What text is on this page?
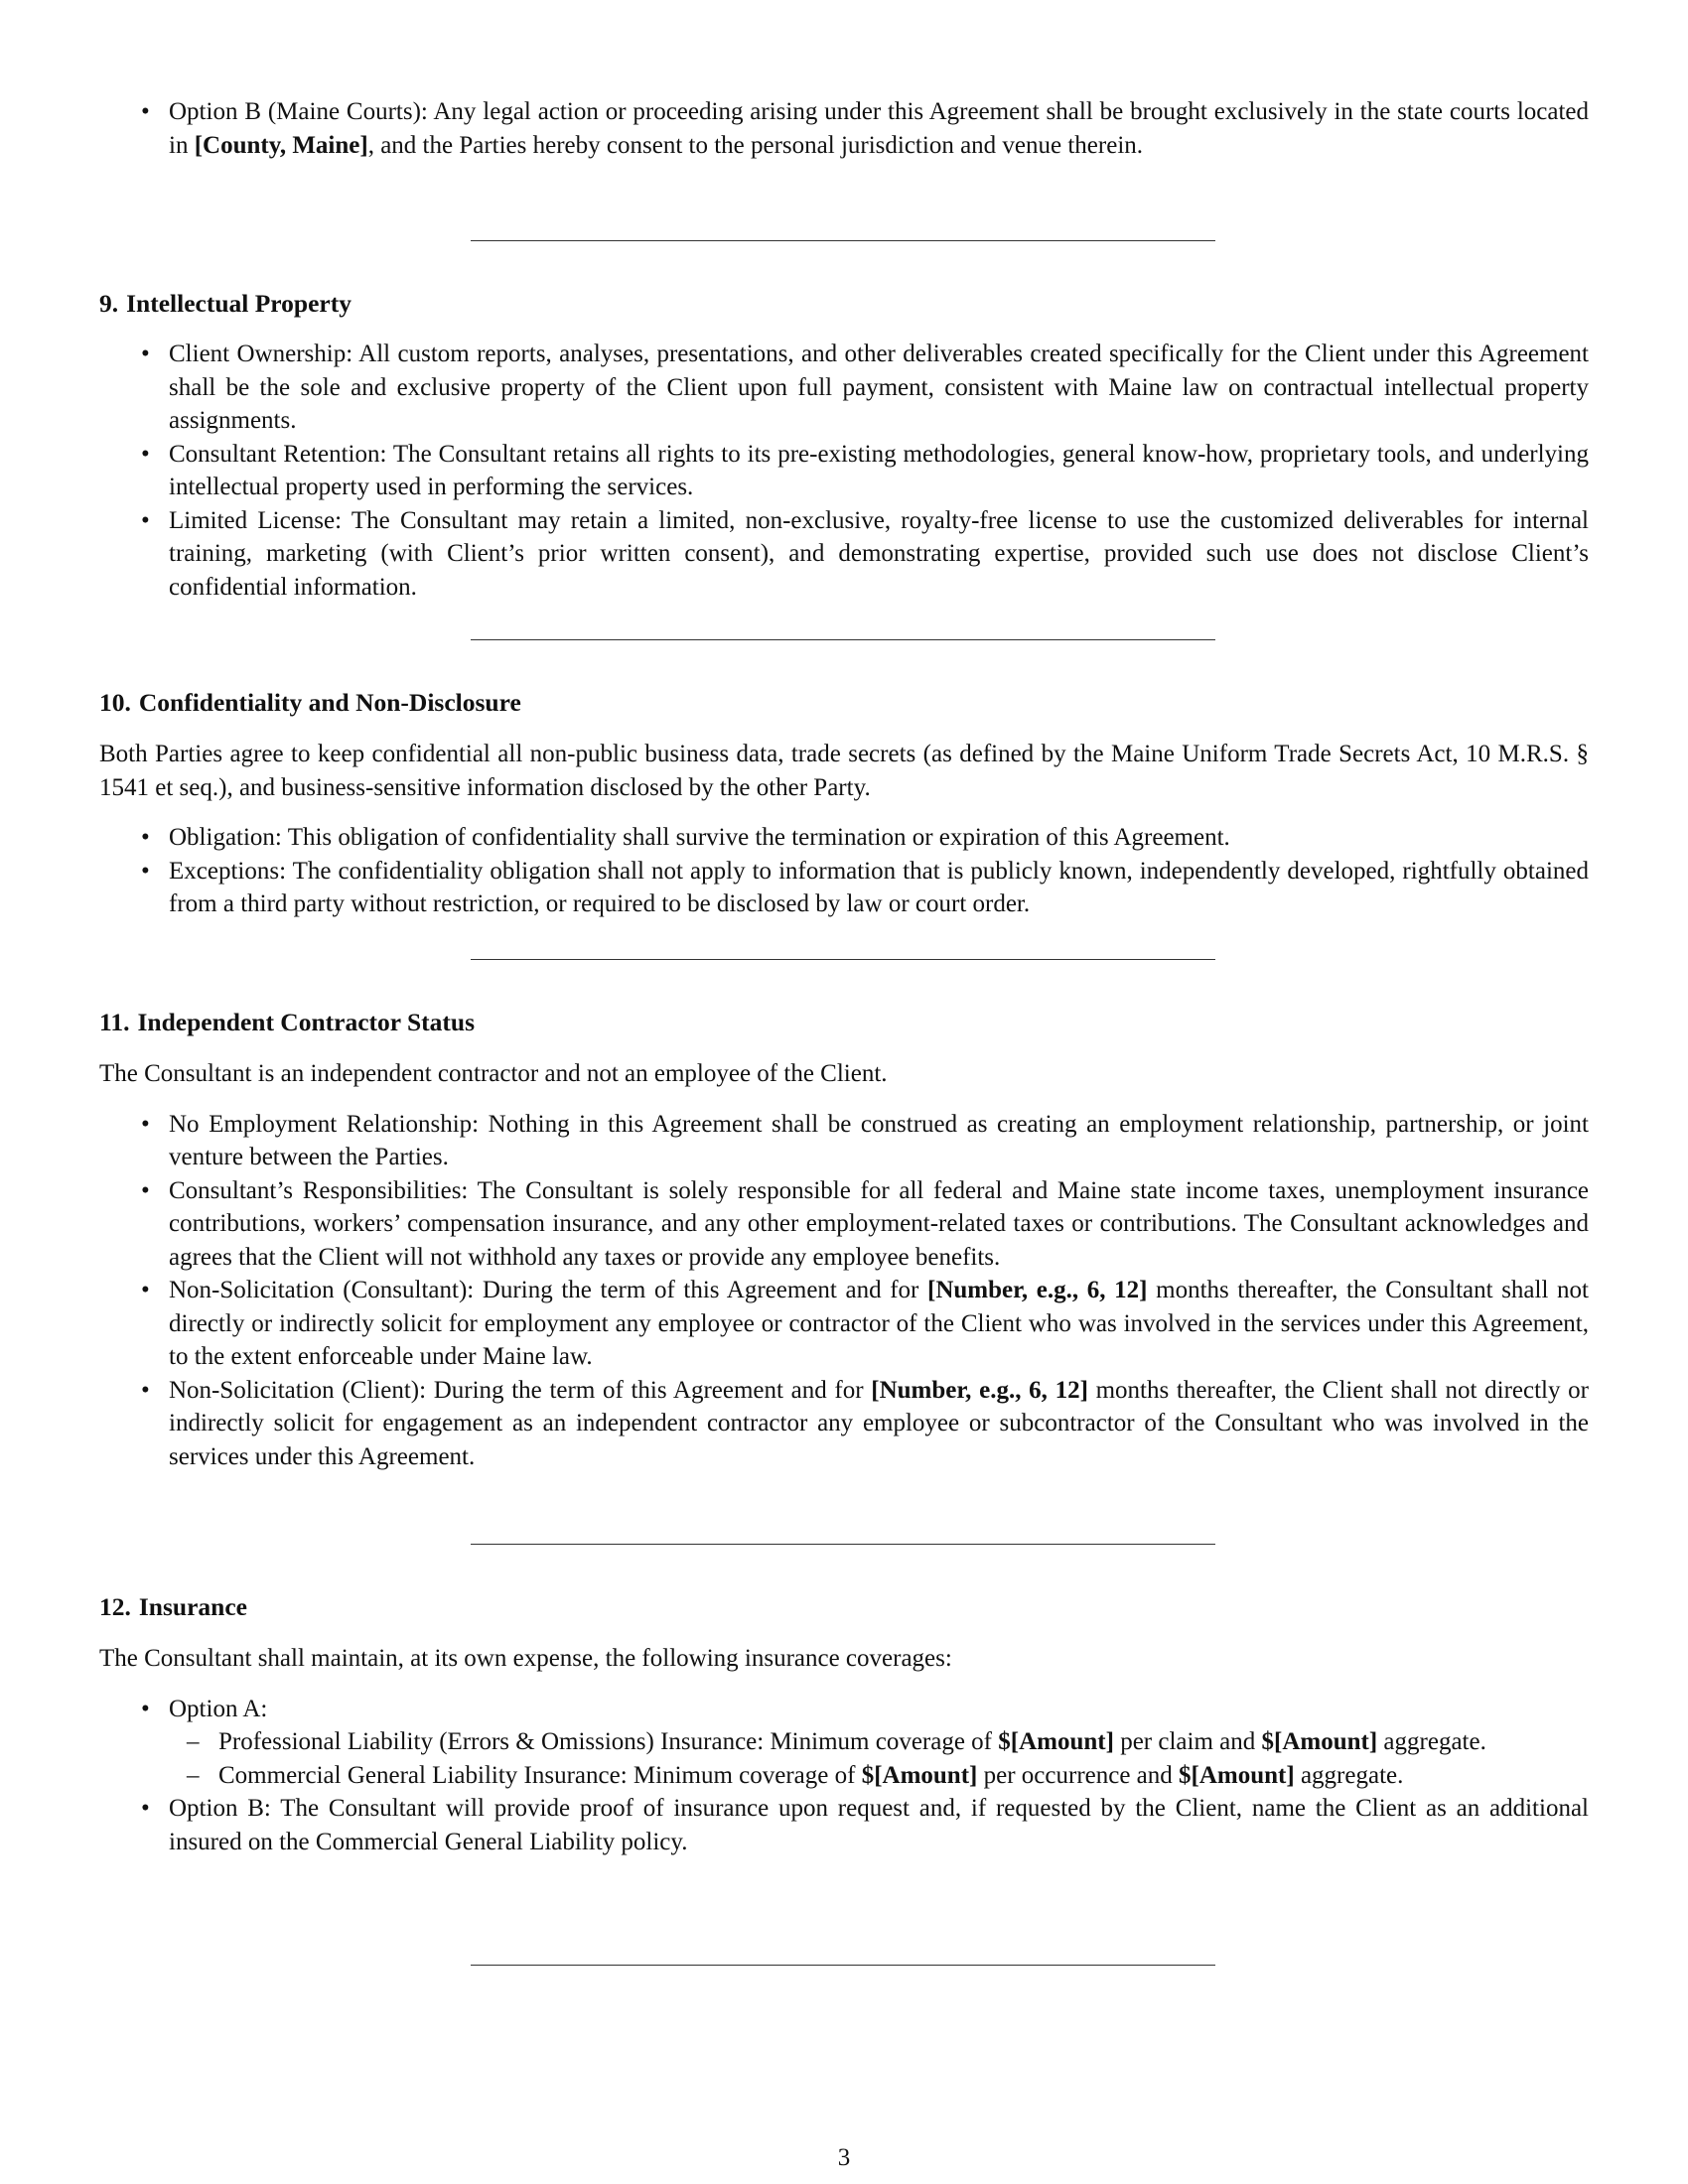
• Option B (Maine Courts): Any legal action or proceeding arising under this Agreement shall be brought exclusively in the state courts located in [County, Maine], and the Parties hereby consent to the personal jurisdiction and venue therein.
9. Intellectual Property
• Client Ownership: All custom reports, analyses, presentations, and other deliverables created specifically for the Client under this Agreement shall be the sole and exclusive property of the Client upon full payment, consistent with Maine law on contractual intellectual property assignments.
• Consultant Retention: The Consultant retains all rights to its pre-existing methodologies, general know-how, proprietary tools, and underlying intellectual property used in performing the services.
• Limited License: The Consultant may retain a limited, non-exclusive, royalty-free license to use the customized deliverables for internal training, marketing (with Client’s prior written consent), and demonstrating expertise, provided such use does not disclose Client’s confidential information.
10. Confidentiality and Non-Disclosure

Both Parties agree to keep confidential all non-public business data, trade secrets (as defined by the Maine Uniform Trade Secrets Act, 10 M.R.S. § 1541 et seq.), and business-sensitive information disclosed by the other Party.

• Obligation: This obligation of confidentiality shall survive the termination or expiration of this Agreement.
• Exceptions: The confidentiality obligation shall not apply to information that is publicly known, independently developed, rightfully obtained from a third party without restriction, or required to be disclosed by law or court order.
11. Independent Contractor Status

The Consultant is an independent contractor and not an employee of the Client.

• No Employment Relationship: Nothing in this Agreement shall be construed as creating an employment relationship, partnership, or joint venture between the Parties.
• Consultant’s Responsibilities: The Consultant is solely responsible for all federal and Maine state income taxes, unemployment insurance contributions, workers’ compensation insurance, and any other employment-related taxes or contributions. The Consultant acknowledges and agrees that the Client will not withhold any taxes or provide any employee benefits.
• Non-Solicitation (Consultant): During the term of this Agreement and for [Number, e.g., 6, 12] months thereafter, the Consultant shall not directly or indirectly solicit for employment any employee or contractor of the Client who was involved in the services under this Agreement, to the extent enforceable under Maine law.
• Non-Solicitation (Client): During the term of this Agreement and for [Number, e.g., 6, 12] months thereafter, the Client shall not directly or indirectly solicit for engagement as an independent contractor any employee or subcontractor of the Consultant who was involved in the services under this Agreement.
12. Insurance

The Consultant shall maintain, at its own expense, the following insurance coverages:

• Option A:
– Professional Liability (Errors & Omissions) Insurance: Minimum coverage of $[Amount] per claim and $[Amount] aggregate.
– Commercial General Liability Insurance: Minimum coverage of $[Amount] per occurrence and $[Amount] aggregate.
• Option B: The Consultant will provide proof of insurance upon request and, if requested by the Client, name the Client as an additional insured on the Commercial General Liability policy.
3
